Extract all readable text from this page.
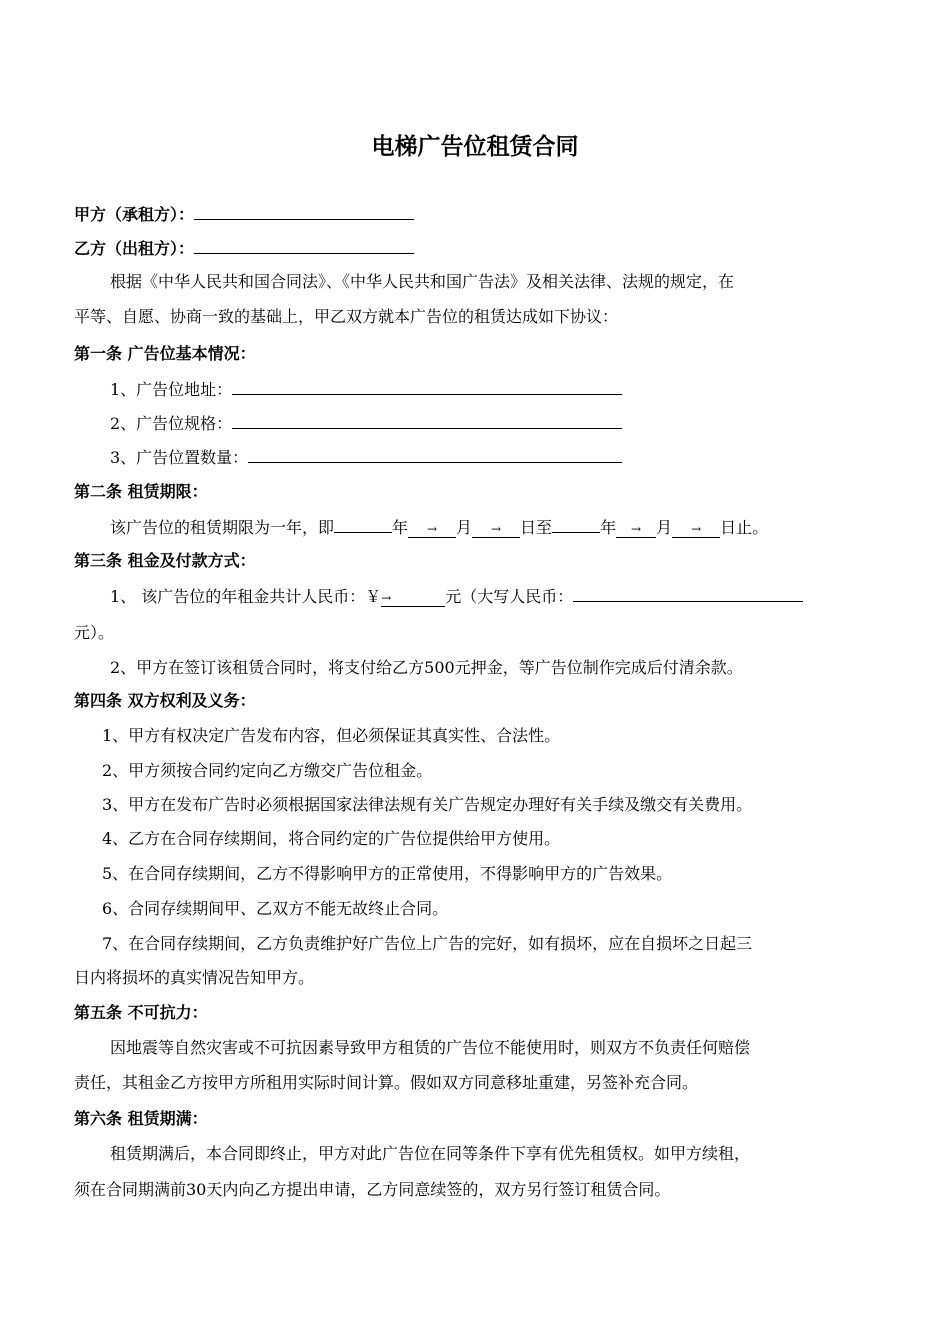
电梯广告位租赁合同
甲方（承租方）：
乙方（出租方）：
根据《中华人民共和国合同法》、《中华人民共和国广告法》及相关法律、法规的规定，在
平等、自愿、协商一致的基础上，甲乙双方就本广告位的租赁达成如下协议：
第一条 广告位基本情况：
1、广告位地址：
2、广告位规格：
3、广告位置数量：
第二条 租赁期限：
该广告位的租赁期限为一年，即	年 → 月 → 日至	年 → 月 → 日止。
第三条 租金及付款方式：
1、 该广告位的年租金共计人民币：￥→	元（大写人民币：
元）。
2、甲方在签订该租赁合同时，将支付给乙方500元押金，等广告位制作完成后付清余款。
第四条 双方权利及义务：
1、甲方有权决定广告发布内容，但必须保证其真实性、合法性。
2、甲方须按合同约定向乙方缴交广告位租金。
3、甲方在发布广告时必须根据国家法律法规有关广告规定办理好有关手续及缴交有关费用。
4、乙方在合同存续期间，将合同约定的广告位提供给甲方使用。
5、在合同存续期间，乙方不得影响甲方的正常使用，不得影响甲方的广告效果。
6、合同存续期间甲、乙双方不能无故终止合同。
7、在合同存续期间，乙方负责维护好广告位上广告的完好，如有损坏，应在自损坏之日起三
日内将损坏的真实情况告知甲方。
第五条 不可抗力：
因地震等自然灾害或不可抗因素导致甲方租赁的广告位不能使用时，则双方不负责任何赔偿
责任，其租金乙方按甲方所租用实际时间计算。假如双方同意移址重建，另签补充合同。
第六条 租赁期满：
租赁期满后，本合同即终止，甲方对此广告位在同等条件下享有优先租赁权。如甲方续租，
须在合同期满前30天内向乙方提出申请，乙方同意续签的，双方另行签订租赁合同。
